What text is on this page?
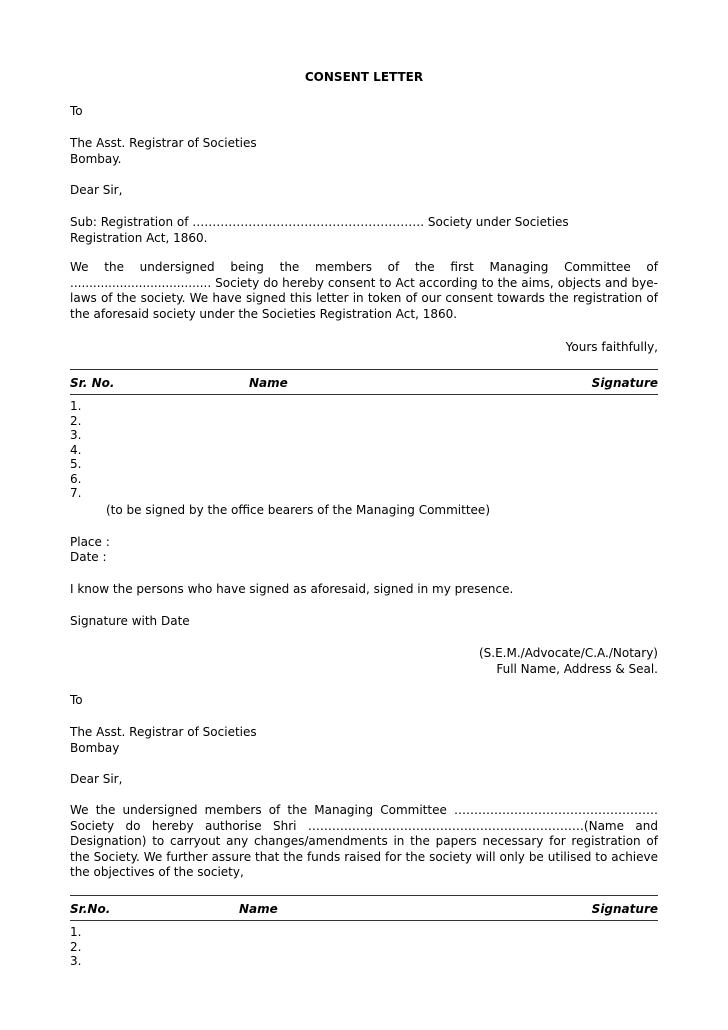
CONSENT LETTER

To

The Asst. Registrar of Societies

Bombay.

Dear Sir,

Sub: Registration of …………………………………………………. Society under Societies

Registration Act, 1860.

We the undersigned being the members of the first Managing Committee of ..................................... Society do hereby consent to Act according to the aims, objects and bye-laws of the society. We have signed this letter in token of our consent towards the registration of the aforesaid society under the Societies Registration Act, 1860.

Yours faithfully,
Sr. No.	Name	Signature
1.
2.
3.
4.
5.
6.
7.

(to be signed by the office bearers of the Managing Committee)

Place :

Date :

I know the persons who have signed as aforesaid, signed in my presence.

Signature with Date

(S.E.M./Advocate/C.A./Notary)
Full Name, Address & Seal.

To

The Asst. Registrar of Societies

Bombay

Dear Sir,

We the undersigned members of the Managing Committee …………………………………………… Society do hereby authorise Shri ……………………………………………………………(Name and Designation) to carryout any changes/amendments in the papers necessary for registration of the Society. We further assure that the funds raised for the society will only be utilised to achieve the objectives of the society,

Sr.No.	Name	Signature
1.
2.
3.
